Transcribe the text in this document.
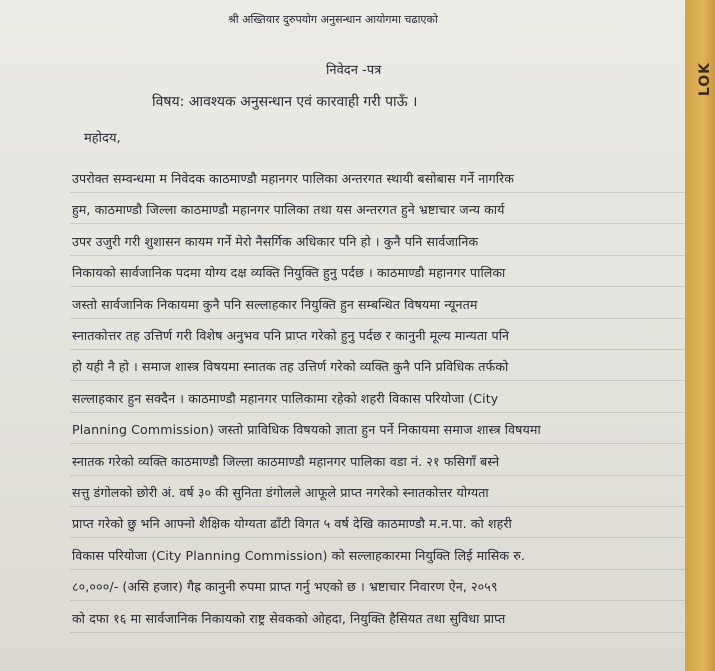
श्री अख्तियार दुरुपयोग अनुसन्धान आयोगमा चढाएको
निवेदन -पत्र
विषय: आवश्यक अनुसन्धान एवं कारवाही गरी पाऊँ ।
महोदय,
उपरोक्त सम्वन्धमा म निवेदक काठमाण्डौ महानगर पालिका अन्तरगत स्थायी बसोबास गर्ने नागरिक
हुम, काठमाण्डौ जिल्ला काठमाण्डौ महानगर पालिका तथा यस अन्तरगत हुने भ्रष्टाचार जन्य कार्य
उपर उजुरी गरी शुशासन कायम गर्ने मेरो नैसर्गिक अधिकार पनि हो । कुनै पनि सार्वजानिक
निकायको सार्वजानिक पदमा योग्य दक्ष व्यक्ति नियुक्ति हुनु पर्दछ । काठमाण्डौ महानगर पालिका
जस्तो सार्वजानिक निकायमा कुनै पनि सल्लाहकार नियुक्ति हुन सम्बन्धित विषयमा न्यूनतम
स्नातकोत्तर तह उत्तिर्ण गरी विशेष अनुभव पनि प्राप्त गरेको हुनु पर्दछ र कानुनी मूल्य मान्यता पनि
हो यही नै हो । समाज शास्त्र विषयमा स्नातक तह उत्तिर्ण गरेको व्यक्ति कुनै पनि प्रविधिक तर्फको
सल्लाहकार हुन सक्दैन । काठमाण्डौ महानगर पालिकामा रहेको शहरी विकास परियोजा (City
Planning Commission) जस्तो प्राविधिक विषयको ज्ञाता हुन पर्ने निकायमा समाज शास्त्र विषयमा
स्नातक गरेको व्यक्ति काठमाण्डौ जिल्ला काठमाण्डौ महानगर पालिका वडा नं. २१ फसिगाँ बस्ने
सत्तु डंगोलको छोरी अं. वर्ष ३० की सुनिता डंगोलले आफूले प्राप्त नगरेको स्नातकोत्तर योग्यता
प्राप्त गरेको छु भनि आफ्नो शैक्षिक योग्यता ढाँटी विगत ५ वर्ष देखि काठमाण्डौ म.न.पा. को शहरी
विकास परियोजा (City Planning Commission) को सल्लाहकारमा नियुक्ति लिई मासिक रु.
८०,०००/- (असि हजार) गैह्र कानुनी रुपमा प्राप्त गर्नु भएको छ । भ्रष्टाचार निवारण ऐन, २०५९
को दफा १६ मा सार्वजानिक निकायको राष्ट्र सेवकको ओहदा, नियुक्ति हैसियत तथा सुविधा प्राप्त
LOK
